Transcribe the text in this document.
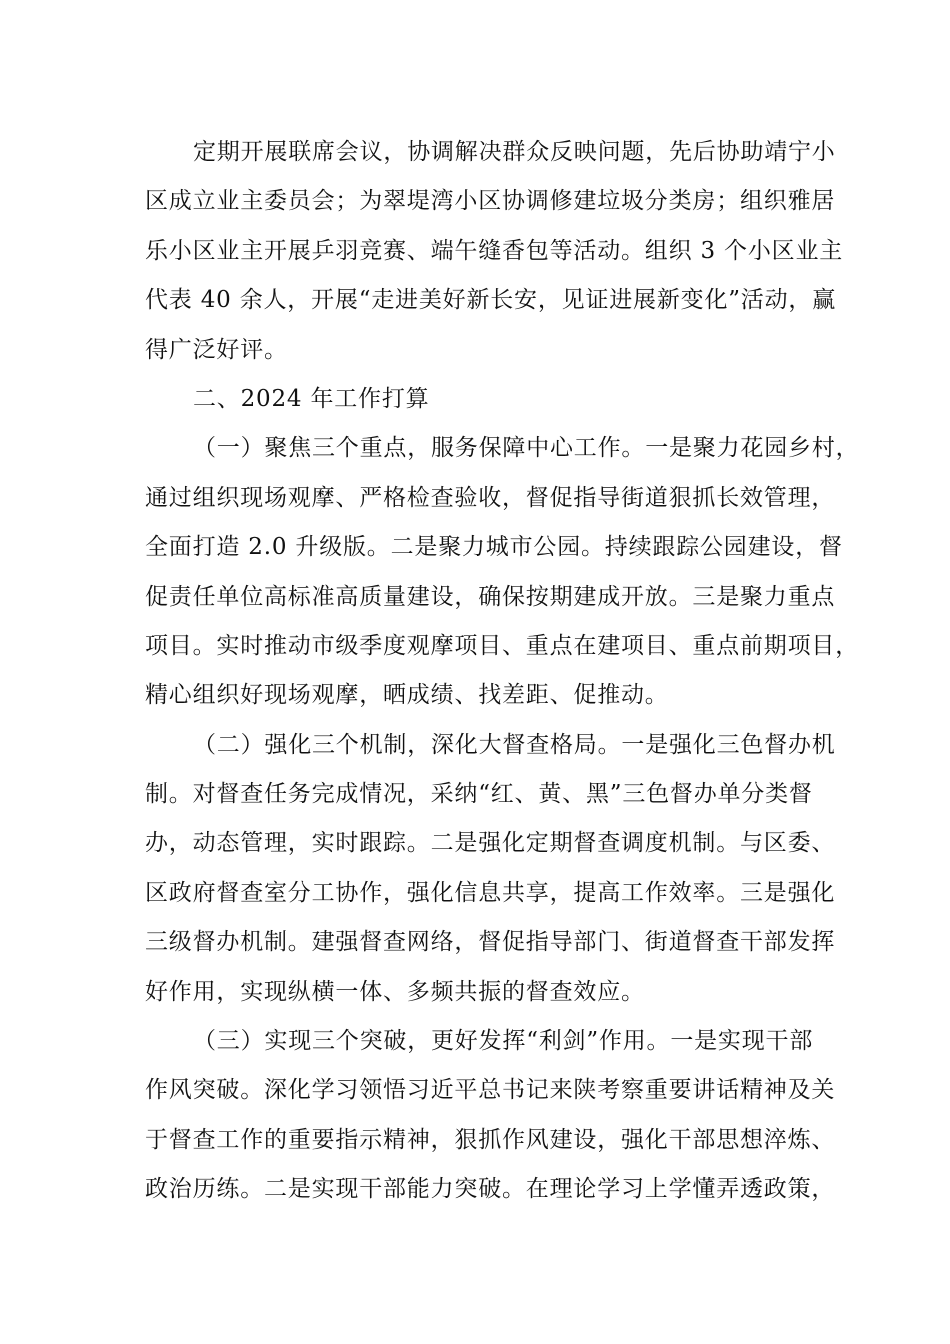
定期开展联席会议，协调解决群众反映问题，先后协助靖宁小
区成立业主委员会；为翠堤湾小区协调修建垃圾分类房；组织雅居
乐小区业主开展乒羽竞赛、端午缝香包等活动。组织 3 个小区业主
代表 40 余人，开展“走进美好新长安，见证进展新变化”活动，赢
得广泛好评。
二、2024 年工作打算
（一）聚焦三个重点，服务保障中心工作。一是聚力花园乡村，
通过组织现场观摩、严格检查验收，督促指导街道狠抓长效管理，
全面打造 2.0 升级版。二是聚力城市公园。持续跟踪公园建设，督
促责任单位高标准高质量建设，确保按期建成开放。三是聚力重点
项目。实时推动市级季度观摩项目、重点在建项目、重点前期项目，
精心组织好现场观摩，晒成绩、找差距、促推动。
（二）强化三个机制，深化大督查格局。一是强化三色督办机
制。对督查任务完成情况，采纳“红、黄、黑”三色督办单分类督
办，动态管理，实时跟踪。二是强化定期督查调度机制。与区委、
区政府督查室分工协作，强化信息共享，提高工作效率。三是强化
三级督办机制。建强督查网络，督促指导部门、街道督查干部发挥
好作用，实现纵横一体、多频共振的督查效应。
（三）实现三个突破，更好发挥“利剑”作用。一是实现干部
作风突破。深化学习领悟习近平总书记来陕考察重要讲话精神及关
于督查工作的重要指示精神，狠抓作风建设，强化干部思想淬炼、
政治历练。二是实现干部能力突破。在理论学习上学懂弄透政策，
